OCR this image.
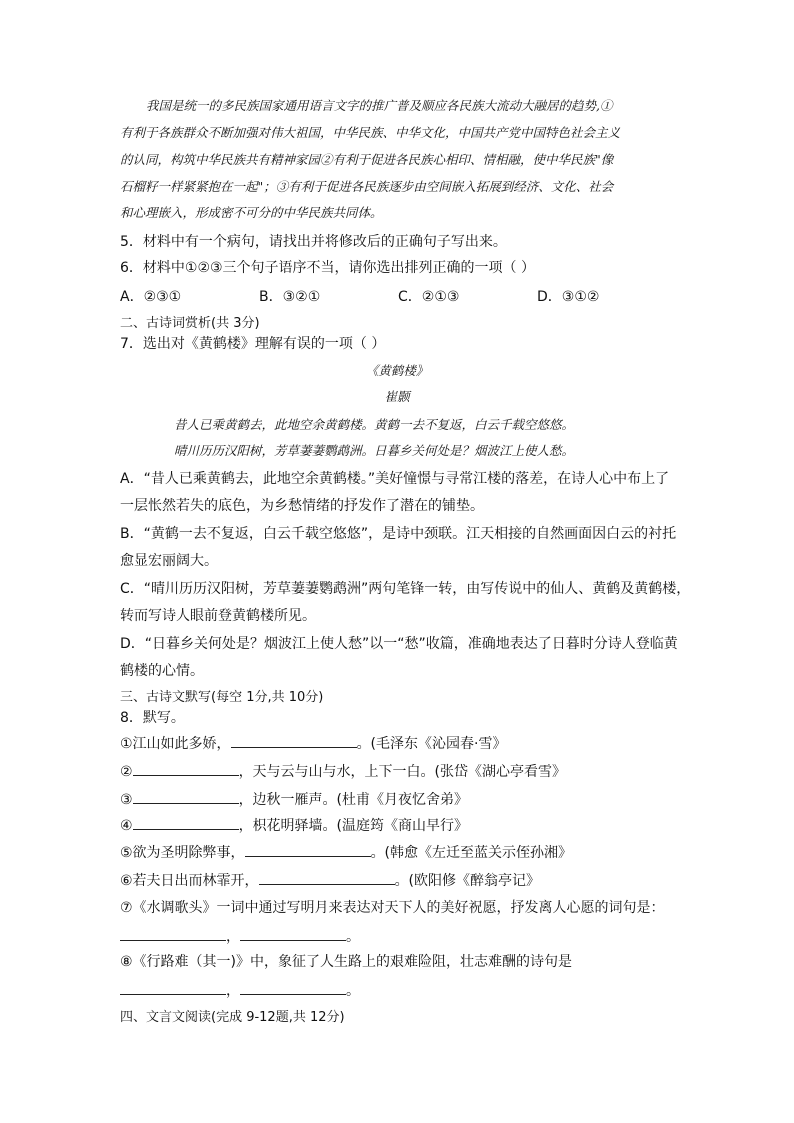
我国是统一的多民族国家通用语言文字的推广普及顺应各民族大流动大融居的趋势,①
有利于各族群众不断加强对伟大祖国，中华民族、中华文化，中国共产党中国特色社会主义
的认同，构筑中华民族共有精神家园②有利于促进各民族心相印、情相融，使中华民族"像
石榴籽一样紧紧抱在一起"；③有利于促进各民族逐步由空间嵌入拓展到经济、文化、社会
和心理嵌入，形成密不可分的中华民族共同体。
5．材料中有一个病句，请找出并将修改后的正确句子写出来。
6．材料中①②③三个句子语序不当，请你选出排列正确的一项（ ）
A．②③①	B．③②①	C．②①③	D．③①②
二、古诗词赏析(共 3分)
7．选出对《黄鹤楼》理解有误的一项（ ）
《黄鹤楼》
崔颢
昔人已乘黄鹤去，此地空余黄鹤楼。黄鹤一去不复返，白云千载空悠悠。
晴川历历汉阳树，芳草萋萋鹦鹉洲。日暮乡关何处是？烟波江上使人愁。
A．“昔人已乘黄鹤去，此地空余黄鹤楼。”美好憧憬与寻常江楼的落差，在诗人心中布上了
一层怅然若失的底色，为乡愁情绪的抒发作了潜在的铺垫。
B．“黄鹤一去不复返，白云千载空悠悠”，是诗中颈联。江天相接的自然画面因白云的衬托
愈显宏丽阔大。
C．“晴川历历汉阳树，芳草萋萋鹦鹉洲”两句笔锋一转，由写传说中的仙人、黄鹤及黄鹤楼，
转而写诗人眼前登黄鹤楼所见。
D．“日暮乡关何处是？烟波江上使人愁”以一“愁”收篇，准确地表达了日暮时分诗人登临黄
鹤楼的心情。
三、古诗文默写(每空 1分,共 10分)
8．默写。
①江山如此多娇，	。(毛泽东《沁园春·雪》
②	，天与云与山与水，上下一白。(张岱《湖心亭看雪》
③	，边秋一雁声。(杜甫《月夜忆舍弟》
④	，枳花明驿墙。(温庭筠《商山早行》
⑤欲为圣明除弊事，	。(韩愈《左迁至蓝关示侄孙湘》
⑥若夫日出而林霏开，	。(欧阳修《醉翁亭记》
⑦《水调歌头》一词中通过写明月来表达对天下人的美好祝愿，抒发离人心愿的词句是：
，	。
⑧《行路难（其一)》中，象征了人生路上的艰难险阻，壮志难酬的诗句是
，	。
四、文言文阅读(完成 9-12题,共 12分)
